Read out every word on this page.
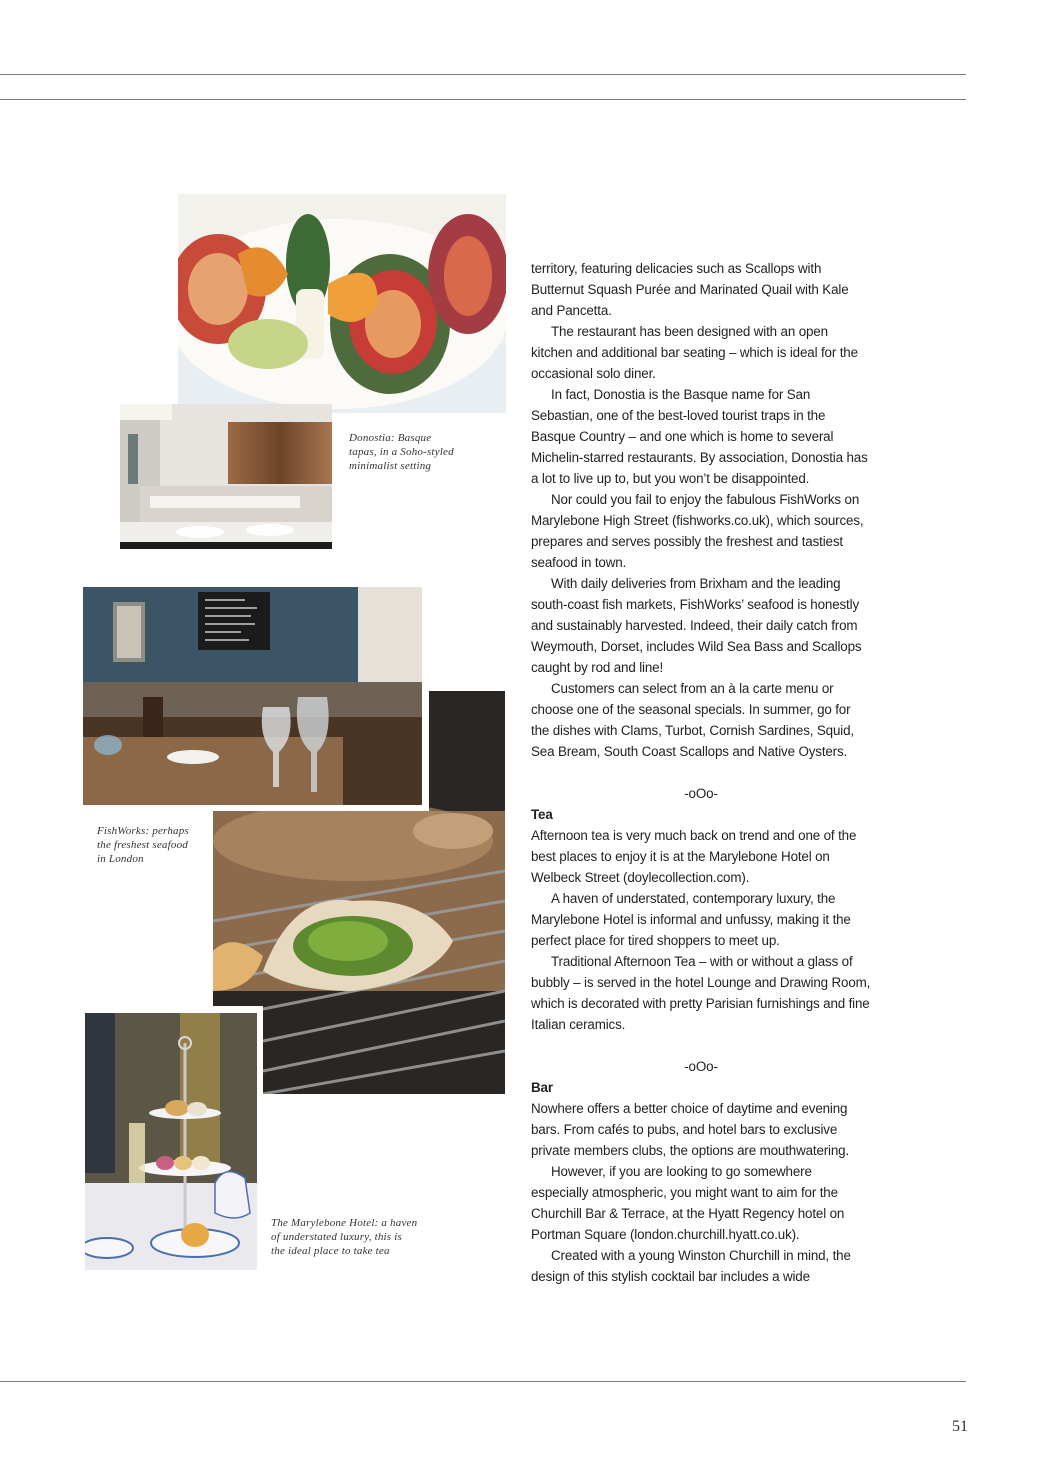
Donostia: Basque
tapas, in a Soho-styled
minimalist setting
FishWorks: perhaps
the freshest seafood
in London
The Marylebone Hotel: a haven
of understated luxury, this is
the ideal place to take tea

territory, featuring delicacies such as Scallops with Butternut Squash Purée and Marinated Quail with Kale and Pancetta.

The restaurant has been designed with an open kitchen and additional bar seating – which is ideal for the occasional solo diner.

In fact, Donostia is the Basque name for San Sebastian, one of the best-loved tourist traps in the Basque Country – and one which is home to several Michelin-starred restaurants. By association, Donostia has a lot to live up to, but you won’t be disappointed.

Nor could you fail to enjoy the fabulous FishWorks on Marylebone High Street (fishworks.co.uk), which sources, prepares and serves possibly the freshest and tastiest seafood in town.

With daily deliveries from Brixham and the leading south-coast fish markets, FishWorks’ seafood is honestly and sustainably harvested. Indeed, their daily catch from Weymouth, Dorset, includes Wild Sea Bass and Scallops caught by rod and line!

Customers can select from an à la carte menu or choose one of the seasonal specials. In summer, go for the dishes with Clams, Turbot, Cornish Sardines, Squid, Sea Bream, South Coast Scallops and Native Oysters.

-oOo-

Tea

Afternoon tea is very much back on trend and one of the best places to enjoy it is at the Marylebone Hotel on Welbeck Street (doylecollection.com).

A haven of understated, contemporary luxury, the Marylebone Hotel is informal and unfussy, making it the perfect place for tired shoppers to meet up.

Traditional Afternoon Tea – with or without a glass of bubbly – is served in the hotel Lounge and Drawing Room, which is decorated with pretty Parisian furnishings and fine Italian ceramics.

-oOo-

Bar

Nowhere offers a better choice of daytime and evening bars. From cafés to pubs, and hotel bars to exclusive private members clubs, the options are mouthwatering.

However, if you are looking to go somewhere especially atmospheric, you might want to aim for the Churchill Bar & Terrace, at the Hyatt Regency hotel on Portman Square (london.churchill.hyatt.co.uk).

Created with a young Winston Churchill in mind, the design of this stylish cocktail bar includes a wide

51
